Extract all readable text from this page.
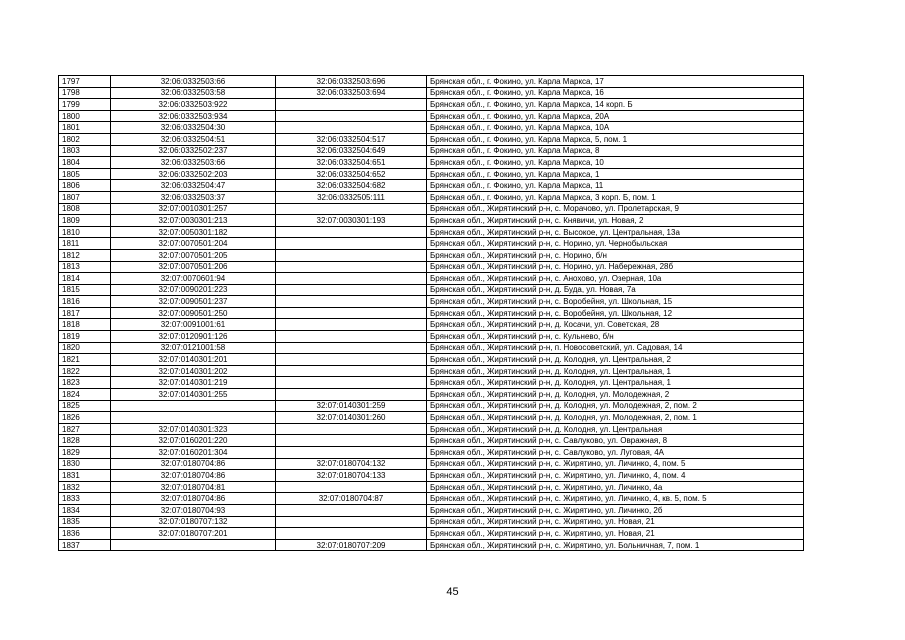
1797	32:06:0332503:66	32:06:0332503:696	Брянская обл., г. Фокино, ул. Карла Маркса, 17
1798	32:06:0332503:58	32:06:0332503:694	Брянская обл., г. Фокино, ул. Карла Маркса, 16
1799	32:06:0332503:922		Брянская обл., г. Фокино, ул. Карла Маркса, 14 корп. Б
1800	32:06:0332503:934		Брянская обл., г. Фокино, ул. Карла Маркса, 20А
1801	32:06:0332504:30		Брянская обл., г. Фокино, ул. Карла Маркса, 10А
1802	32:06:0332504:51	32:06:0332504:517	Брянская обл., г. Фокино, ул. Карла Маркса, 5, пом. 1
1803	32:06:0332502:237	32:06:0332504:649	Брянская обл., г. Фокино, ул. Карла Маркса, 8
1804	32:06:0332503:66	32:06:0332504:651	Брянская обл., г. Фокино, ул. Карла Маркса, 10
1805	32:06:0332502:203	32:06:0332504:652	Брянская обл., г. Фокино, ул. Карла Маркса, 1
1806	32:06:0332504:47	32:06:0332504:682	Брянская обл., г. Фокино, ул. Карла Маркса, 11
1807	32:06:0332503:37	32:06:0332505:111	Брянская обл., г. Фокино, ул. Карла Маркса, 3 корп. Б, пом. 1
1808	32:07:0010301:257		Брянская обл., Жирятинский р-н, с. Морачово, ул. Пролетарская, 9
1809	32:07:0030301:213	32:07:0030301:193	Брянская обл., Жирятинский р-н, с. Княвичи, ул. Новая, 2
1810	32:07:0050301:182		Брянская обл., Жирятинский р-н, с. Высокое, ул. Центральная, 13а
1811	32:07:0070501:204		Брянская обл., Жирятинский р-н, с. Норино, ул. Чернобыльская
1812	32:07:0070501:205		Брянская обл., Жирятинский р-н, с. Норино, б/н
1813	32:07:0070501:206		Брянская обл., Жирятинский р-н, с. Норино, ул. Набережная, 28б
1814	32:07:0070601:94		Брянская обл., Жирятинский р-н, с. Анохово, ул. Озерная, 10а
1815	32:07:0090201:223		Брянская обл., Жирятинский р-н, д. Буда, ул. Новая, 7а
1816	32:07:0090501:237		Брянская обл., Жирятинский р-н, с. Воробейня, ул. Школьная, 15
1817	32:07:0090501:250		Брянская обл., Жирятинский р-н, с. Воробейня, ул. Школьная, 12
1818	32:07:0091001:61		Брянская обл., Жирятинский р-н, д. Косачи, ул. Советская, 28
1819	32:07:0120901:126		Брянская обл., Жирятинский р-н, с. Кульнево, б/н
1820	32:07:0121001:58		Брянская обл., Жирятинский р-н, п. Новосоветский, ул. Садовая, 14
1821	32:07:0140301:201		Брянская обл., Жирятинский р-н, д. Колодня, ул. Центральная, 2
1822	32:07:0140301:202		Брянская обл., Жирятинский р-н, д. Колодня, ул. Центральная, 1
1823	32:07:0140301:219		Брянская обл., Жирятинский р-н, д. Колодня, ул. Центральная, 1
1824	32:07:0140301:255		Брянская обл., Жирятинский р-н, д. Колодня, ул. Молодежная, 2
1825		32:07:0140301:259	Брянская обл., Жирятинский р-н, д. Колодня, ул. Молодежная, 2, пом. 2
1826		32:07:0140301:260	Брянская обл., Жирятинский р-н, д. Колодня, ул. Молодежная, 2, пом. 1
1827	32:07:0140301:323		Брянская обл., Жирятинский р-н, д. Колодня, ул. Центральная
1828	32:07:0160201:220		Брянская обл., Жирятинский р-н, с. Савлуково, ул. Овражная, 8
1829	32:07:0160201:304		Брянская обл., Жирятинский р-н, с. Савлуково, ул. Луговая, 4А
1830	32:07:0180704:86	32:07:0180704:132	Брянская обл., Жирятинский р-н, с. Жирятино, ул. Личинко, 4, пом. 5
1831	32:07:0180704:86	32:07:0180704:133	Брянская обл., Жирятинский р-н, с. Жирятино, ул. Личинко, 4, пом. 4
1832	32:07:0180704:81		Брянская обл., Жирятинский р-н, с. Жирятино, ул. Личинко, 4а
1833	32:07:0180704:86	32:07:0180704:87	Брянская обл., Жирятинский р-н, с. Жирятино, ул. Личинко, 4, кв. 5, пом. 5
1834	32:07:0180704:93		Брянская обл., Жирятинский р-н, с. Жирятино, ул. Личинко, 2б
1835	32:07:0180707:132		Брянская обл., Жирятинский р-н, с. Жирятино, ул. Новая, 21
1836	32:07:0180707:201		Брянская обл., Жирятинский р-н, с. Жирятино, ул. Новая, 21
1837		32:07:0180707:209	Брянская обл., Жирятинский р-н, с. Жирятино, ул. Больничная, 7, пом. 1
45
